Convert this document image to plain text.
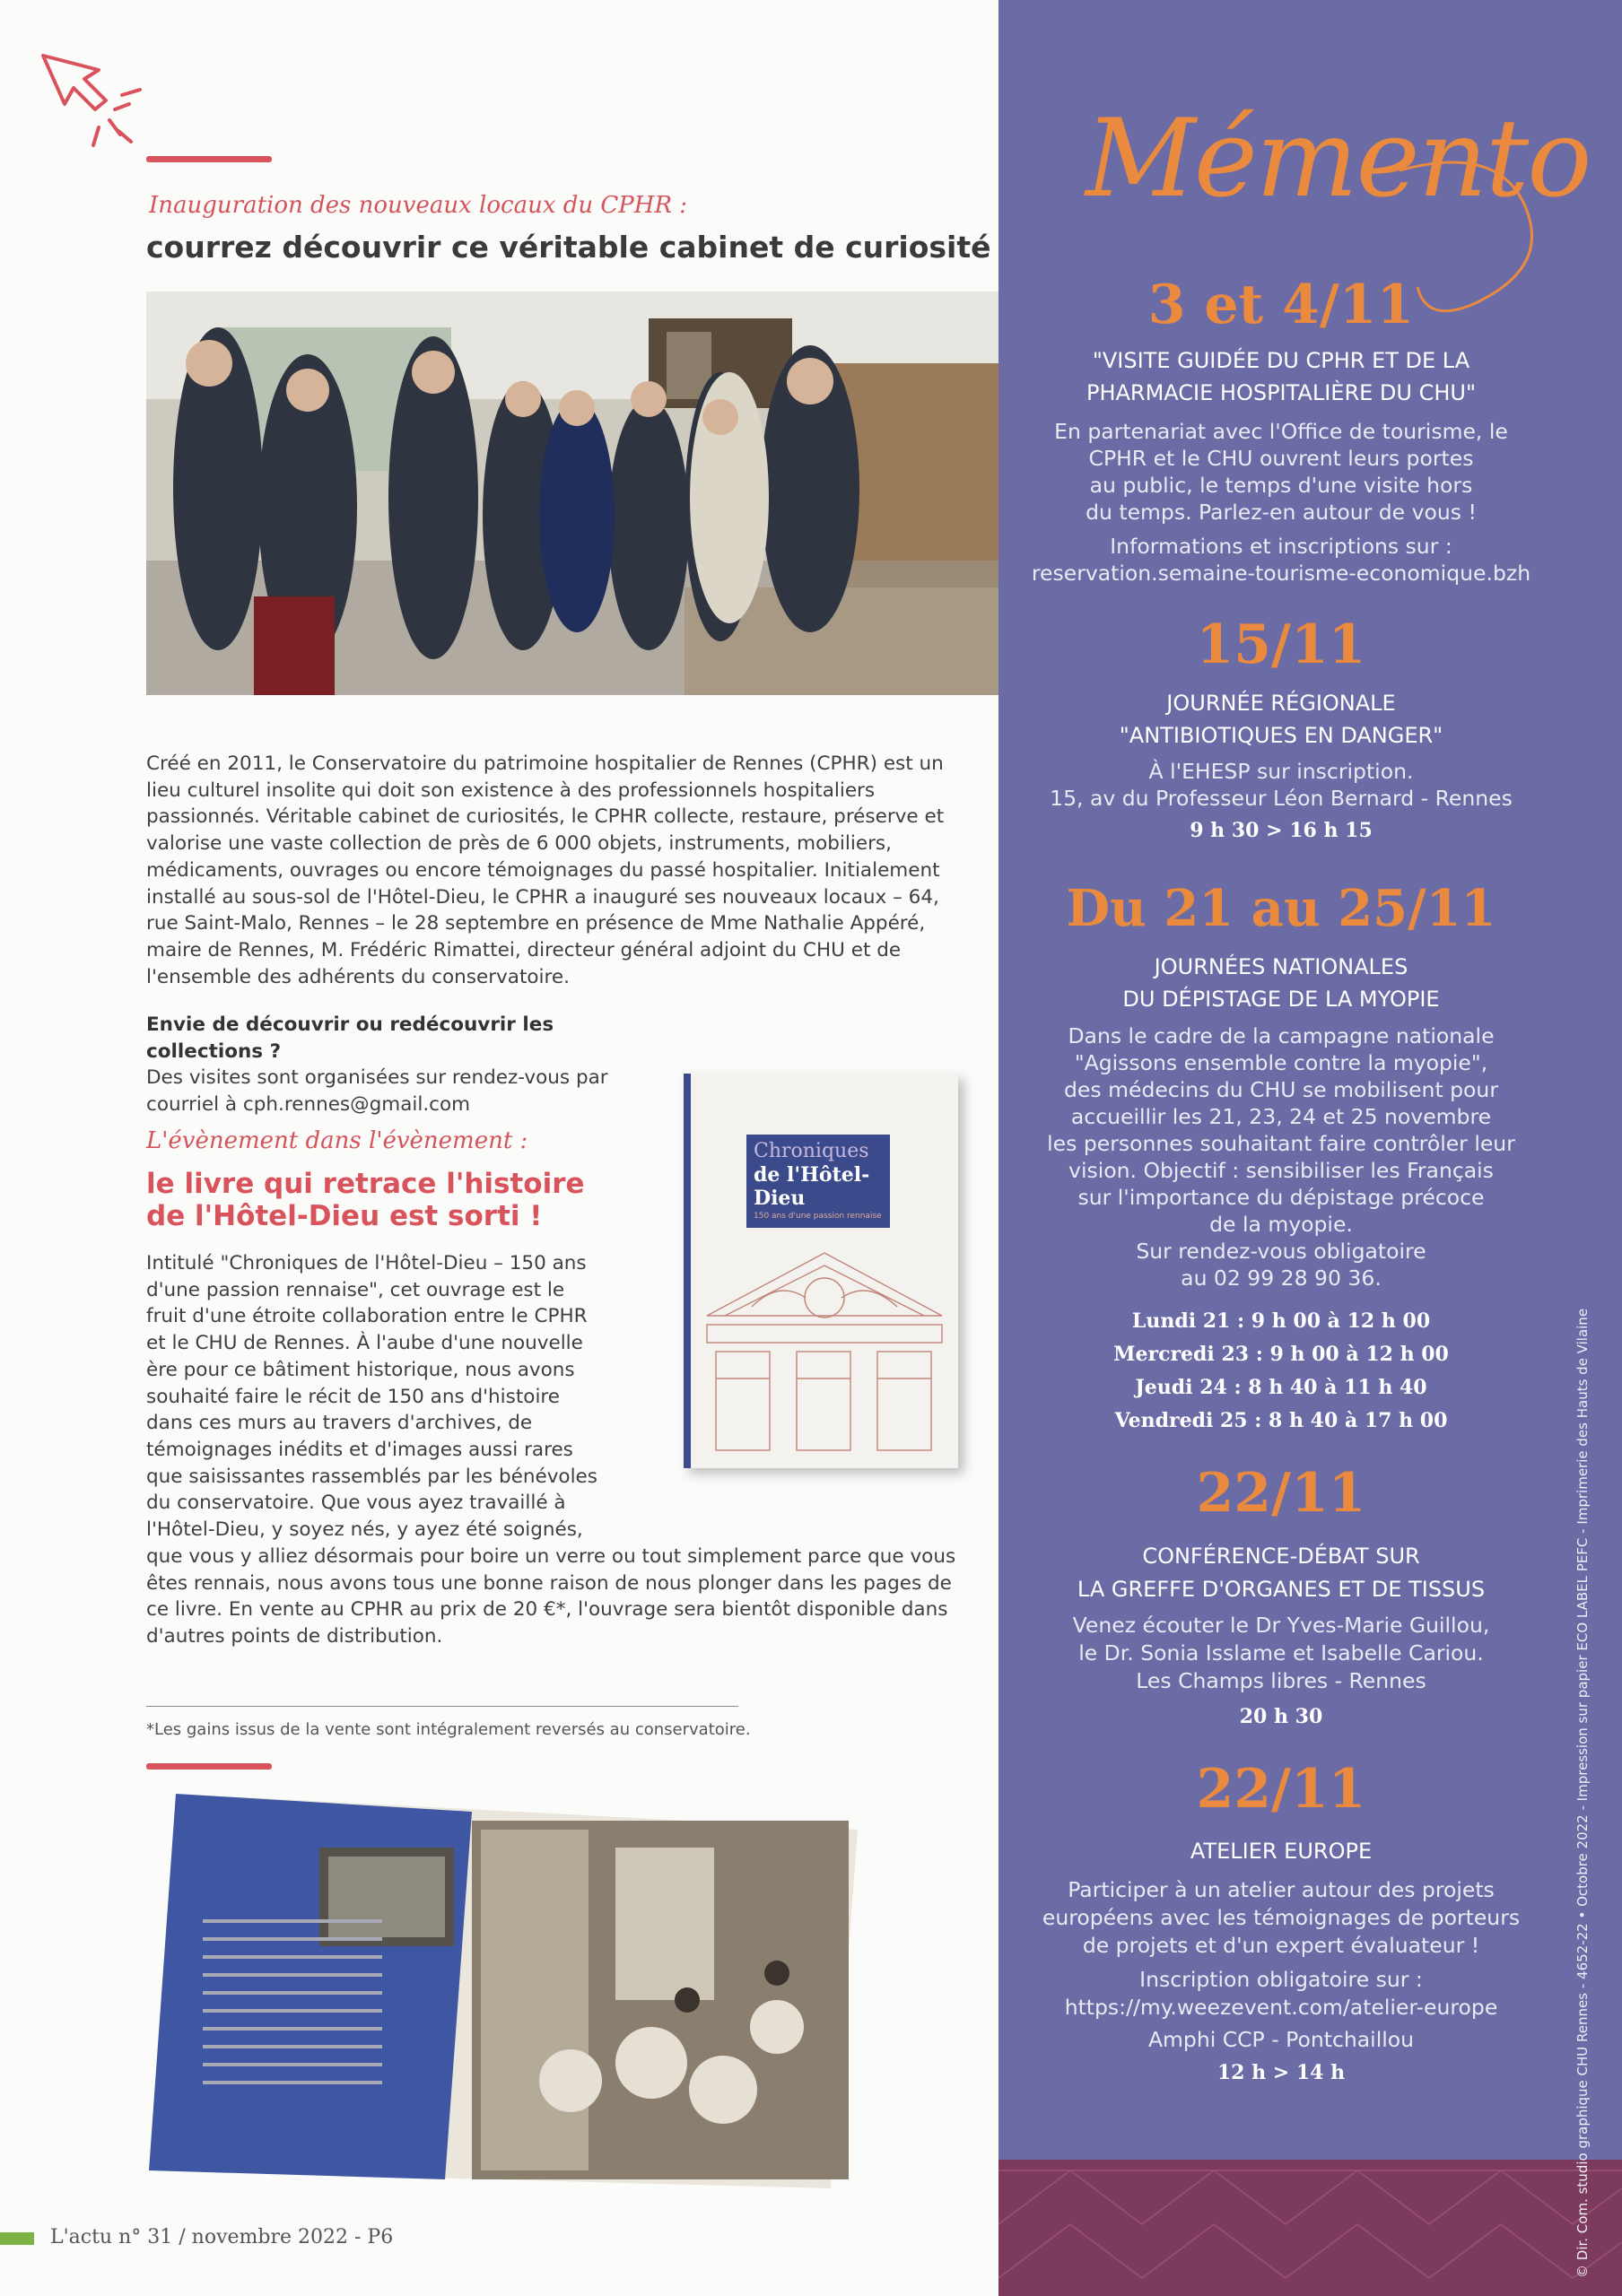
Inauguration des nouveaux locaux du CPHR :
courrez découvrir ce véritable cabinet de curiosité

Créé en 2011, le Conservatoire du patrimoine hospitalier de Rennes (CPHR) est un lieu culturel insolite qui doit son existence à des professionnels hospitaliers passionnés. Véritable cabinet de curiosités, le CPHR collecte, restaure, préserve et valorise une vaste collection de près de 6 000 objets, instruments, mobiliers, médicaments, ouvrages ou encore témoignages du passé hospitalier. Initialement installé au sous-sol de l'Hôtel-Dieu, le CPHR a inauguré ses nouveaux locaux – 64, rue Saint-Malo, Rennes – le 28 septembre en présence de Mme Nathalie Appéré, maire de Rennes, M. Frédéric Rimattei, directeur général adjoint du CHU et de l'ensemble des adhérents du conservatoire.

Envie de découvrir ou redécouvrir les collections ?

Des visites sont organisées sur rendez-vous par courriel à cph.rennes@gmail.com

Chroniques
de l'Hôtel-Dieu
150 ans d'une passion rennaise
L'évènement dans l'évènement :
le livre qui retrace l'histoire
de l'Hôtel-Dieu est sorti !
Intitulé "Chroniques de l'Hôtel-Dieu – 150 ans
d'une passion rennaise", cet ouvrage est le
fruit d'une étroite collaboration entre le CPHR
et le CHU de Rennes. À l'aube d'une nouvelle
ère pour ce bâtiment historique, nous avons
souhaité faire le récit de 150 ans d'histoire
dans ces murs au travers d'archives, de
témoignages inédits et d'images aussi rares
que saisissantes rassemblés par les bénévoles
du conservatoire. Que vous ayez travaillé à
l'Hôtel-Dieu, y soyez nés, y ayez été soignés,

que vous y alliez désormais pour boire un verre ou tout simplement parce que vous êtes rennais, nous avons tous une bonne raison de nous plonger dans les pages de ce livre. En vente au CPHR au prix de 20 €*, l'ouvrage sera bientôt disponible dans d'autres points de distribution.

*Les gains issus de la vente sont intégralement reversés au conservatoire.
L'actu n° 31 / novembre 2022 - P6
Mémento
3 et 4/11
"VISITE GUIDÉE DU CPHR ET DE LA
PHARMACIE HOSPITALIÈRE DU CHU"
En partenariat avec l'Office de tourisme, le
CPHR et le CHU ouvrent leurs portes
au public, le temps d'une visite hors
du temps. Parlez-en autour de vous !
Informations et inscriptions sur :
reservation.semaine-tourisme-economique.bzh
15/11
JOURNÉE RÉGIONALE
"ANTIBIOTIQUES EN DANGER"
À l'EHESP sur inscription.
15, av du Professeur Léon Bernard - Rennes
9 h 30 > 16 h 15
Du 21 au 25/11
JOURNÉES NATIONALES
DU DÉPISTAGE DE LA MYOPIE
Dans le cadre de la campagne nationale
"Agissons ensemble contre la myopie",
des médecins du CHU se mobilisent pour
accueillir les 21, 23, 24 et 25 novembre
les personnes souhaitant faire contrôler leur
vision. Objectif : sensibiliser les Français
sur l'importance du dépistage précoce
de la myopie.
Sur rendez-vous obligatoire
au 02 99 28 90 36.
Lundi 21 : 9 h 00 à 12 h 00
Mercredi 23 : 9 h 00 à 12 h 00
Jeudi 24 : 8 h 40 à 11 h 40
Vendredi 25 : 8 h 40 à 17 h 00
22/11
CONFÉRENCE-DÉBAT SUR
LA GREFFE D'ORGANES ET DE TISSUS
Venez écouter le Dr Yves-Marie Guillou,
le Dr. Sonia Isslame et Isabelle Cariou.
Les Champs libres - Rennes
20 h 30
22/11
ATELIER EUROPE
Participer à un atelier autour des projets
européens avec les témoignages de porteurs
de projets et d'un expert évaluateur !
Inscription obligatoire sur :
https://my.weezevent.com/atelier-europe
Amphi CCP - Pontchaillou
12 h > 14 h	© Dir. Com. studio graphique CHU Rennes - 4652-22 • Octobre 2022 - Impression sur papier ECO LABEL PEFC - Imprimerie des Hauts de Vilaine
